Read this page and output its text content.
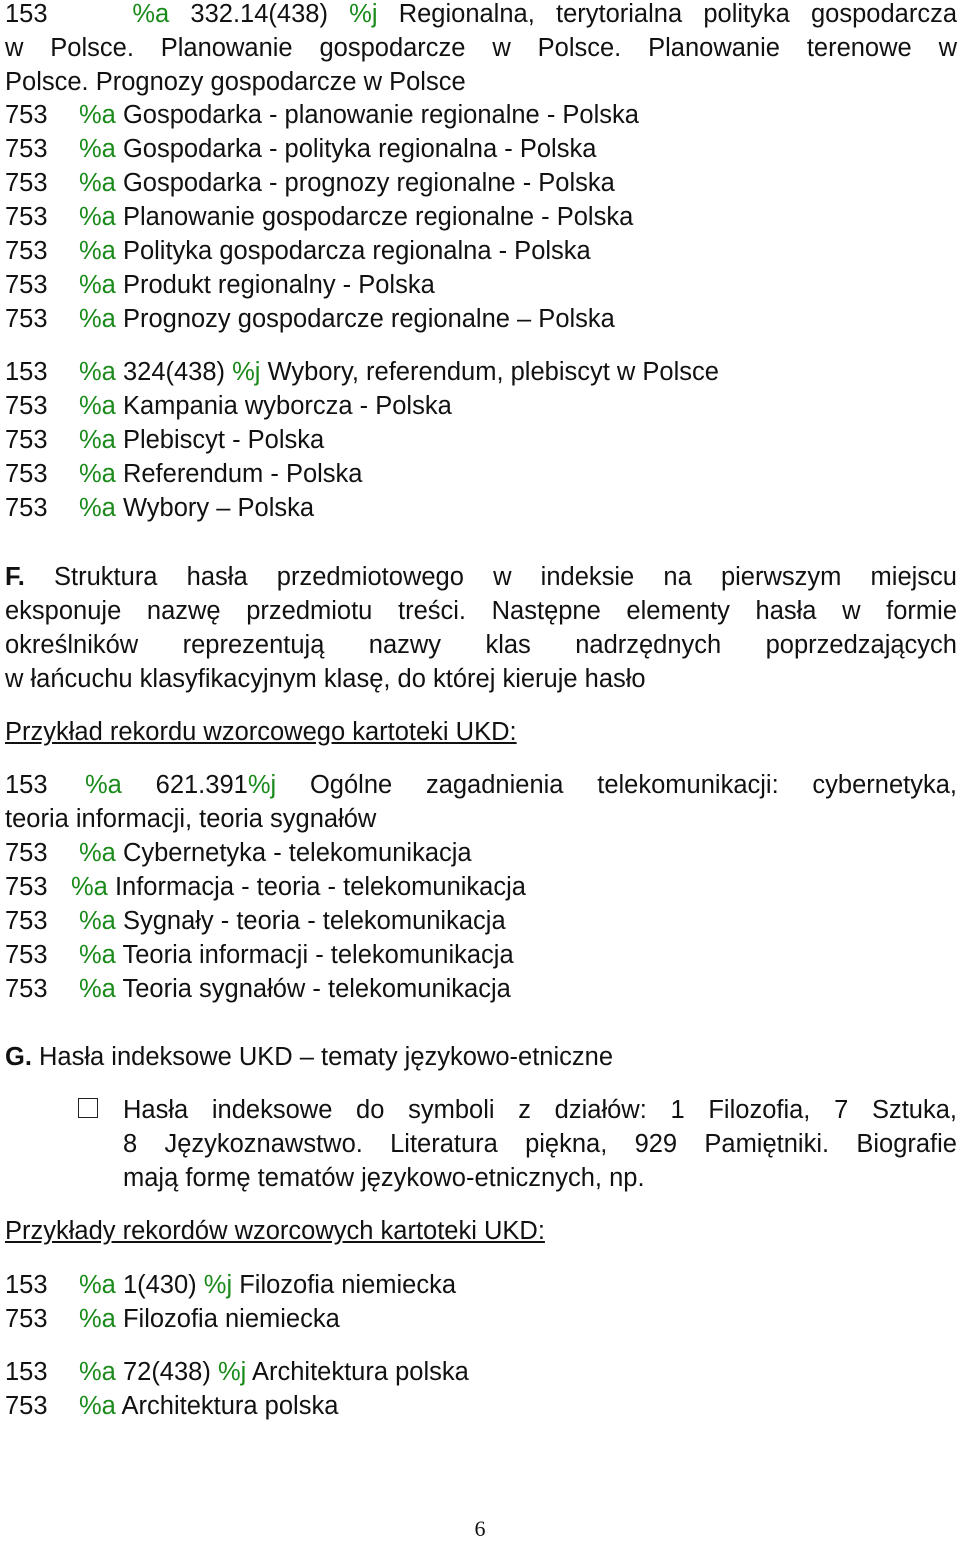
153	%a 332.14(438) %j Regionalna, terytorialna polityka gospodarcza
w Polsce. Planowanie gospodarcze w Polsce. Planowanie terenowe w
Polsce. Prognozy gospodarcze w Polsce
753 %a Gospodarka - planowanie regionalne - Polska
753 %a Gospodarka - polityka regionalna - Polska
753 %a Gospodarka - prognozy regionalne - Polska
753 %a Planowanie gospodarcze regionalne - Polska
753 %a Polityka gospodarcza regionalna - Polska
753 %a Produkt regionalny - Polska
753 %a Prognozy gospodarcze regionalne – Polska
153 %a 324(438) %j Wybory, referendum, plebiscyt w Polsce
753 %a Kampania wyborcza - Polska
753 %a Plebiscyt - Polska
753 %a Referendum - Polska
753 %a Wybory – Polska
F. Struktura hasła przedmiotowego w indeksie na pierwszym miejscu
eksponuje nazwę przedmiotu treści. Następne elementy hasła w formie
określników reprezentują nazwy klas nadrzędnych poprzedzających
w łańcuchu klasyfikacyjnym klasę, do której kieruje hasło
Przykład rekordu wzorcowego kartoteki UKD:
153 %a 621.391%j Ogólne zagadnienia telekomunikacji: cybernetyka,
teoria informacji, teoria sygnałów
753 %a Cybernetyka - telekomunikacja
753 %a Informacja - teoria - telekomunikacja
753 %a Sygnały - teoria - telekomunikacja
753 %a Teoria informacji - telekomunikacja
753 %a Teoria sygnałów - telekomunikacja
G. Hasła indeksowe UKD – tematy językowo-etniczne
Hasła indeksowe do symboli z działów: 1 Filozofia, 7 Sztuka,
8 Językoznawstwo. Literatura piękna, 929 Pamiętniki. Biografie
mają formę tematów językowo-etnicznych, np.
Przykłady rekordów wzorcowych kartoteki UKD:
153 %a 1(430) %j Filozofia niemiecka
753 %a Filozofia niemiecka
153 %a 72(438) %j Architektura polska
753 %a Architektura polska
6
